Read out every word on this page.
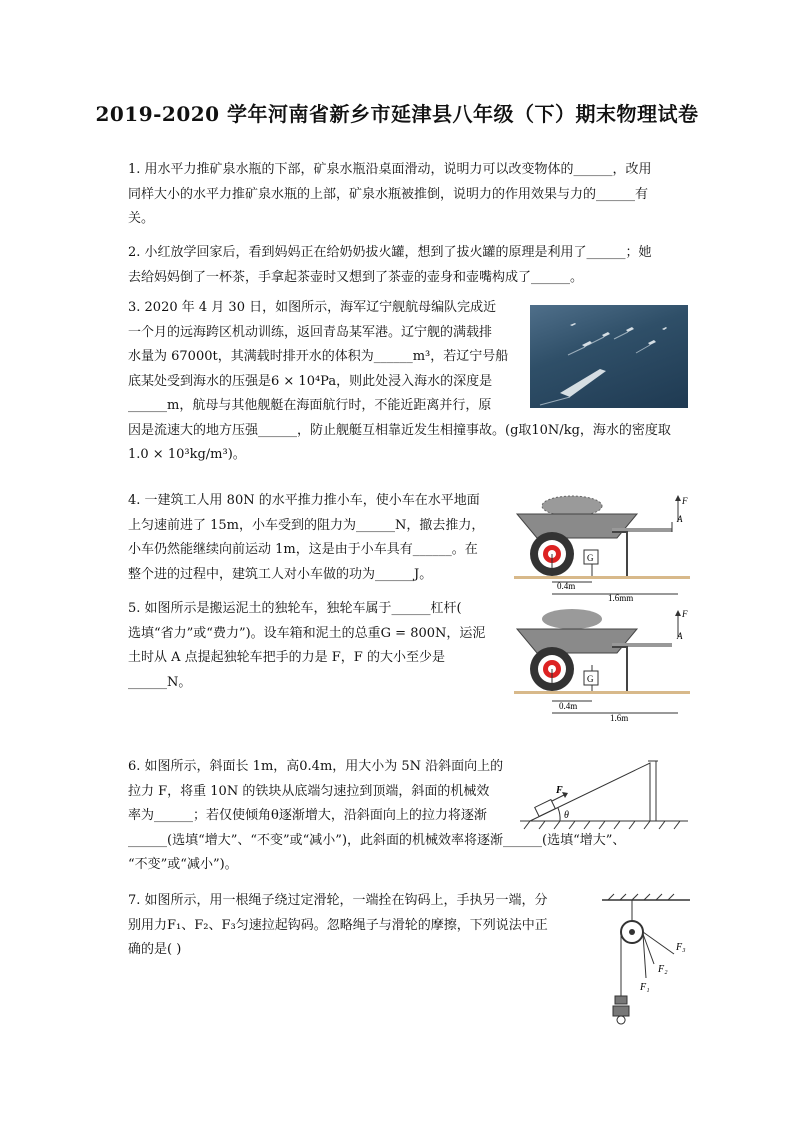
2019-2020 学年河南省新乡市延津县八年级（下）期末物理试卷

1. 用水平力推矿泉水瓶的下部，矿泉水瓶沿桌面滑动，说明力可以改变物体的______，改用

同样大小的水平力推矿泉水瓶的上部，矿泉水瓶被推倒，说明力的作用效果与力的______有

关。

2. 小红放学回家后，看到妈妈正在给奶奶拔火罐，想到了拔火罐的原理是利用了______；她

去给妈妈倒了一杯茶，手拿起茶壶时又想到了茶壶的壶身和壶嘴构成了______。

3. 2020 年 4 月 30 日，如图所示，海军辽宁舰航母编队完成近

一个月的远海跨区机动训练，返回青岛某军港。辽宁舰的满载排

水量为 67000t，其满载时排开水的体积为______m³，若辽宁号船

底某处受到海水的压强是6 × 10⁴Pa，则此处浸入海水的深度是

______m，航母与其他舰艇在海面航行时，不能近距离并行，原

因是流速大的地方压强______，防止舰艇互相靠近发生相撞事故。(g取10N/kg，海水的密度取

1.0 × 10³kg/m³)。

4. 一建筑工人用 80N 的水平推力推小车，使小车在水平地面

上匀速前进了 15m，小车受到的阻力为______N，撤去推力，

小车仍然能继续向前运动 1m，这是由于小车具有______。在

整个进的过程中，建筑工人对小车做的功为______J。

G
F
A
0.4m
1.6mm

5. 如图所示是搬运泥土的独轮车，独轮车属于______杠杆(

选填“省力”或“费力”)。设车箱和泥土的总重G = 800N，运泥

土时从 A 点提起独轮车把手的力是 F，F 的大小至少是

______N。	G
F
A
0.4m
1.6m

6. 如图所示，斜面长 1m，高0.4m，用大小为 5N 沿斜面向上的

拉力 F，将重 10N 的铁块从底端匀速拉到顶端，斜面的机械效

率为______；若仅使倾角θ逐渐增大，沿斜面向上的拉力将逐渐

______(选填“增大”、“不变”或“减小”)，此斜面的机械效率将逐渐______(选填“增大”、

“不变”或“减小”)。

F
θ

7. 如图所示，用一根绳子绕过定滑轮，一端拴在钩码上，手执另一端，分

别用力F₁、F₂、F₃匀速拉起钩码。忽略绳子与滑轮的摩擦，下列说法中正

确的是( )	F₃
F₂
F₁
